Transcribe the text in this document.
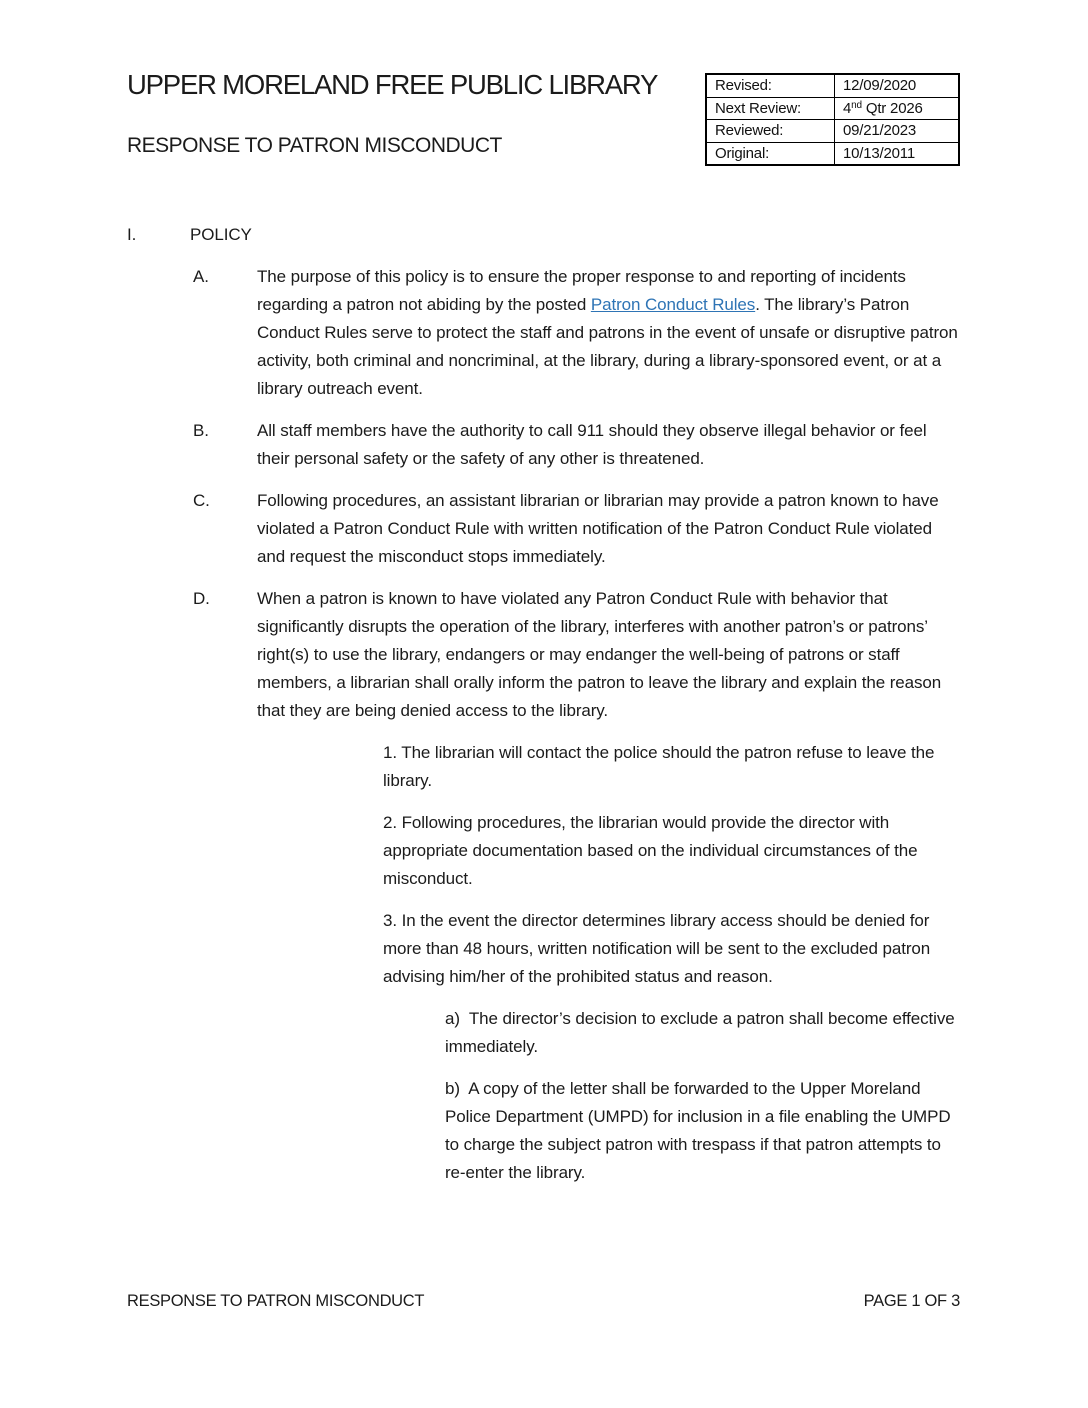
Revised:	12/09/2020
Next Review:	4nd Qtr 2026
Reviewed:	09/21/2023
Original:	10/13/2011
UPPER MORELAND FREE PUBLIC LIBRARY
RESPONSE TO PATRON MISCONDUCT
I.	POLICY
A.	The purpose of this policy is to ensure the proper response to and reporting of incidents regarding a patron not abiding by the posted Patron Conduct Rules. The library’s Patron Conduct Rules serve to protect the staff and patrons in the event of unsafe or disruptive patron activity, both criminal and noncriminal, at the library, during a library-sponsored event, or at a library outreach event.
B.	All staff members have the authority to call 911 should they observe illegal behavior or feel their personal safety or the safety of any other is threatened.
C.	Following procedures, an assistant librarian or librarian may provide a patron known to have violated a Patron Conduct Rule with written notification of the Patron Conduct Rule violated and request the misconduct stops immediately.
D.	When a patron is known to have violated any Patron Conduct Rule with behavior that significantly disrupts the operation of the library, interferes with another patron’s or patrons’ right(s) to use the library, endangers or may endanger the well-being of patrons or staff members, a librarian shall orally inform the patron to leave the library and explain the reason that they are being denied access to the library.

1. The librarian will contact the police should the patron refuse to leave the library.

2. Following procedures, the librarian would provide the director with appropriate documentation based on the individual circumstances of the misconduct.

3. In the event the director determines library access should be denied for more than 48 hours, written notification will be sent to the excluded patron advising him/her of the prohibited status and reason.

a)  The director’s decision to exclude a patron shall become effective immediately.

b)  A copy of the letter shall be forwarded to the Upper Moreland Police Department (UMPD) for inclusion in a file enabling the UMPD to charge the subject patron with trespass if that patron attempts to re-enter the library.

RESPONSE TO PATRON MISCONDUCT	PAGE 1 OF 3
